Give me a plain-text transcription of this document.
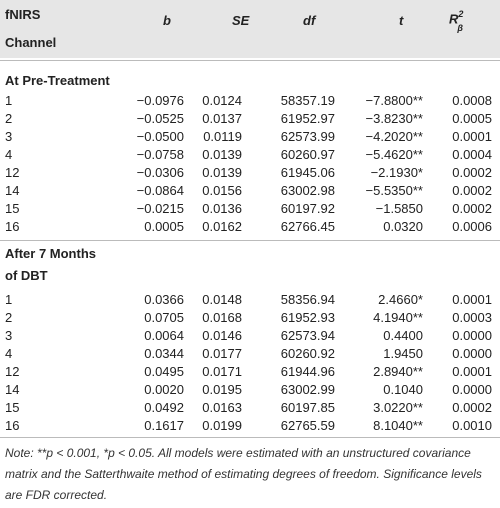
fNIRS
Channel
b	SE	df	t	$R^2_\beta$
At Pre-Treatment
1	−0.0976 0.0124	58357.19 −7.8800** 0.0008
2	−0.0525 0.0137	61952.97 −3.8230** 0.0005
3	−0.0500 0.0119	62573.99 −4.2020** 0.0001
4	−0.0758 0.0139	60260.97 −5.4620** 0.0004
12	−0.0306 0.0139	61945.06	−2.1930* 0.0002
14	−0.0864 0.0156	63002.98 −5.5350** 0.0002
15	−0.0215 0.0136	60197.92	−1.5850 0.0002
16	0.0005 0.0162	62766.45	0.0320 0.0006
After 7 Months
of DBT
1	0.0366 0.0148	58356.94	2.4660* 0.0001
2	0.0705 0.0168	61952.93	4.1940** 0.0003
3	0.0064 0.0146	62573.94	0.4400 0.0000
4	0.0344 0.0177	60260.92	1.9450 0.0000
12	0.0495 0.0171	61944.96	2.8940** 0.0001
14	0.0020 0.0195	63002.99	0.1040 0.0000
15	0.0492 0.0163	60197.85	3.0220** 0.0002
16	0.1617 0.0199	62765.59	8.1040** 0.0010
Note: **p < 0.001, *p < 0.05. All models were estimated with an unstructured covariance matrix and the Satterthwaite method of estimating degrees of freedom. Significance levels are FDR corrected.
